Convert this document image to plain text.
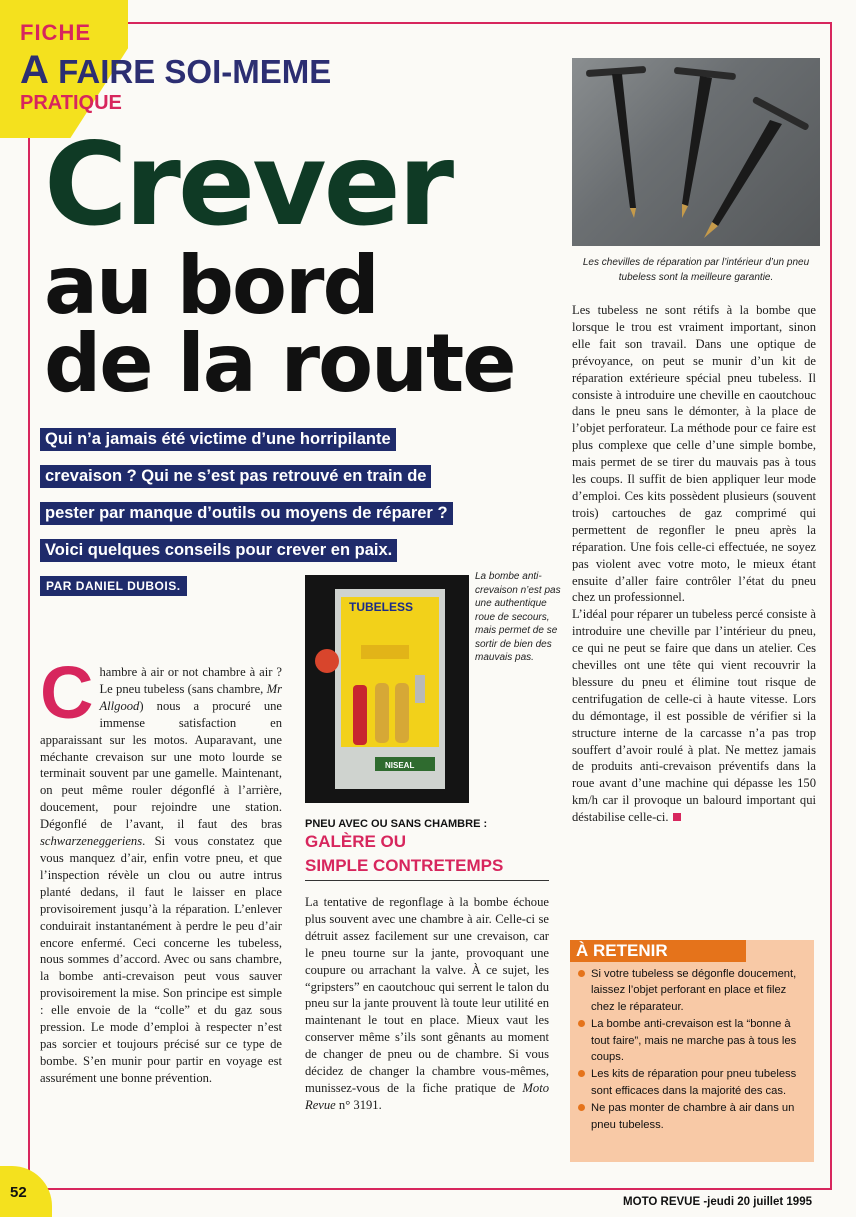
FICHE
A FAIRE SOI-MEME
PRATIQUE
Crever
au bord
de la route
Qui n’a jamais été victime d’une horripilante
crevaison ? Qui ne s’est pas retrouvé en train de
pester par manque d’outils ou moyens de réparer ?
Voici quelques conseils pour crever en paix.
PAR DANIEL DUBOIS.
Les chevilles de réparation par l’intérieur d’un pneu tubeless sont la meilleure garantie.
TUBELESS
NISEAL
La bombe anti-crevaison n’est pas une authentique roue de secours, mais permet de se sortir de bien des mauvais pas.

Chambre à air or not chambre à air ? Le pneu tubeless (sans chambre, Mr Allgood) nous a procuré une immense satisfaction en apparaissant sur les motos. Auparavant, une méchante crevaison sur une moto lourde se terminait souvent par une gamelle. Maintenant, on peut même rouler dégonflé à l’arrière, doucement, pour rejoindre une station. Dégonflé de l’avant, il faut des bras schwarzeneggeriens. Si vous constatez que vous manquez d’air, enfin votre pneu, et que l’inspection révèle un clou ou autre intrus planté dedans, il faut le laisser en place provisoirement jusqu’à la réparation. L’enlever conduirait instantanément à perdre le peu d’air encore enfermé. Ceci concerne les tubeless, nous sommes d’accord. Avec ou sans chambre, la bombe anti-crevaison peut vous sauver provisoirement la mise. Son principe est simple : elle envoie de la “colle” et du gaz sous pression. Le mode d’emploi à respecter n’est pas sorcier et toujours précisé sur ce type de bombe. S’en munir pour partir en voyage est assurément une bonne prévention.

PNEU AVEC OU SANS CHAMBRE :
GALÈRE OU
SIMPLE CONTRETEMPS

La tentative de regonflage à la bombe échoue plus souvent avec une chambre à air. Celle-ci se détruit assez facilement sur une crevaison, car le pneu tourne sur la jante, provoquant une coupure ou arrachant la valve. À ce sujet, les “gripsters” en caoutchouc qui serrent le talon du pneu sur la jante prouvent là toute leur utilité en maintenant le tout en place. Mieux vaut les conserver même s’ils sont gênants au moment de changer de pneu ou de chambre. Si vous décidez de changer la chambre vous-mêmes, munissez-vous de la fiche pratique de Moto Revue n° 3191.

Les tubeless ne sont rétifs à la bombe que lorsque le trou est vraiment important, sinon elle fait son travail. Dans une optique de prévoyance, on peut se munir d’un kit de réparation extérieure spécial pneu tubeless. Il consiste à introduire une cheville en caoutchouc dans le pneu sans le démonter, à la place de l’objet perforateur. La méthode pour ce faire est plus complexe que celle d’une simple bombe, mais permet de se tirer du mauvais pas à tous les coups. Il suffit de bien appliquer leur mode d’emploi. Ces kits possèdent plusieurs (souvent trois) cartouches de gaz comprimé qui permettent de regonfler le pneu après la réparation. Une fois celle-ci effectuée, ne soyez pas violent avec votre moto, le mieux étant ensuite d’aller faire contrôler l’état du pneu chez un professionnel.

L’idéal pour réparer un tubeless percé consiste à introduire une cheville par l’intérieur du pneu, ce qui ne peut se faire que dans un atelier. Ces chevilles ont une tête qui vient recouvrir la blessure du pneu et élimine tout risque de centrifugation de celle-ci à haute vitesse. Lors du démontage, il est possible de vérifier si la structure interne de la carcasse n’a pas trop souffert d’avoir roulé à plat. Ne mettez jamais de produits anti-crevaison préventifs dans la roue avant d’une machine qui dépasse les 150 km/h car il provoque un balourd important qui déstabilise celle-ci.

À RETENIR
Si votre tubeless se dégonfle doucement, laissez l’objet perforant en place et filez chez le réparateur.
La bombe anti-crevaison est la “bonne à tout faire”, mais ne marche pas à tous les coups.
Les kits de réparation pour pneu tubeless sont efficaces dans la majorité des cas.
Ne pas monter de chambre à air dans un pneu tubeless.
52
MOTO REVUE -jeudi 20 juillet 1995
